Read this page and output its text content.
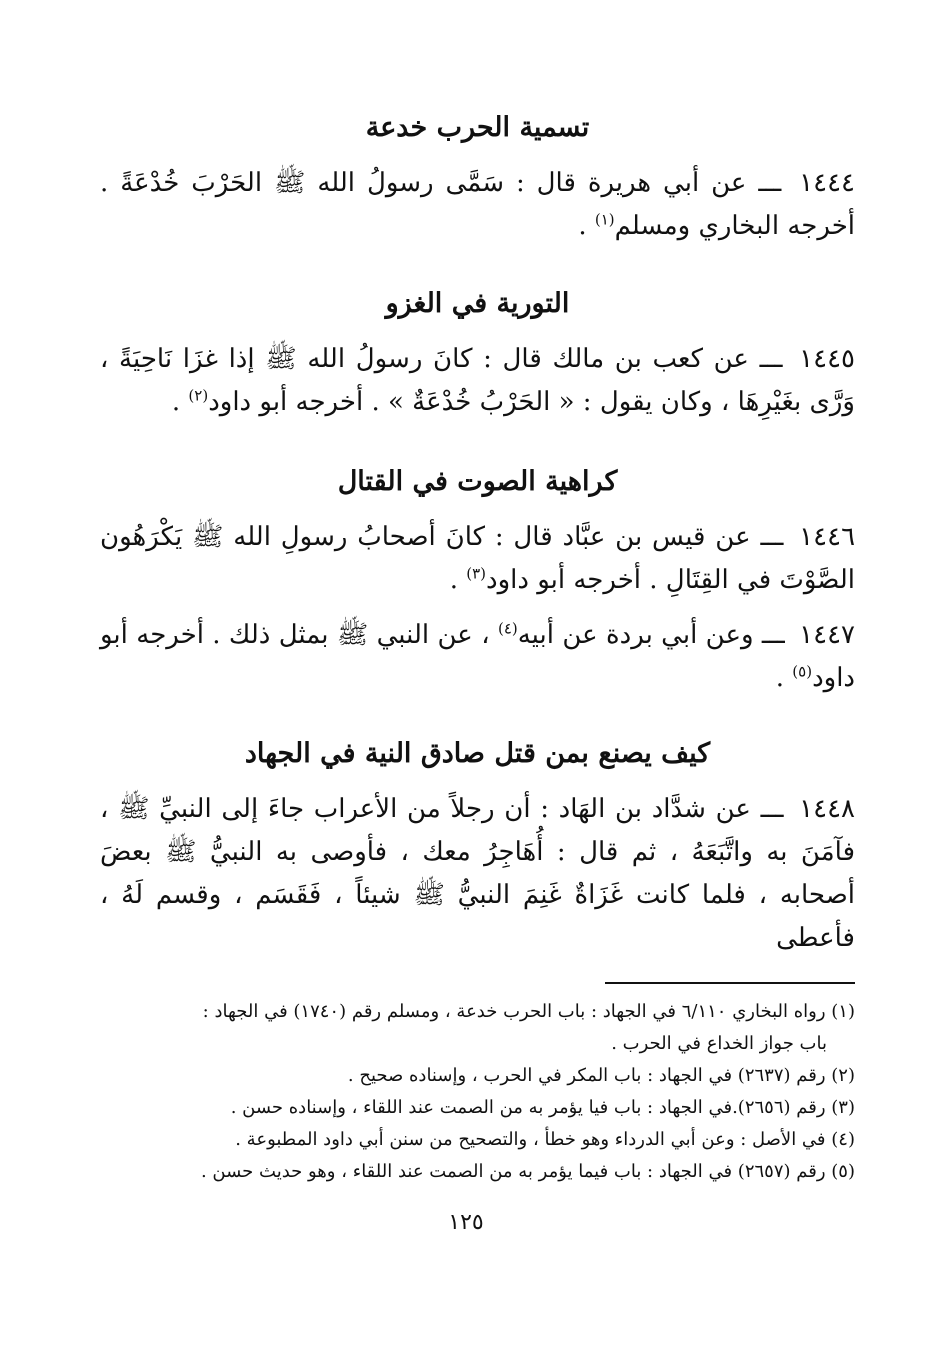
تسمية الحرب خدعة

١٤٤٤ ـــ عن أبي هريرة قال : سَمَّى رسولُ الله ﷺ الحَرْبَ خُدْعَةً . أخرجه البخاري ومسلم$^{(١)}$ .

التورية في الغزو

١٤٤٥ ـــ عن كعب بن مالك قال : كانَ رسولُ الله ﷺ إذا غزَا نَاحِيَةً ، وَرَّى بغَيْرِهَا ، وكان يقول : « الحَرْبُ خُدْعَةٌ » . أخرجه أبو داود$^{(٢)}$ .

كراهية الصوت في القتال

١٤٤٦ ـــ عن قيس بن عبَّاد قال : كانَ أصحابُ رسولِ الله ﷺ يَكْرَهُون الصَّوْتَ في القِتَالِ . أخرجه أبو داود$^{(٣)}$ .

١٤٤٧ ـــ وعن أبي بردة عن أبيه$^{(٤)}$ ، عن النبي ﷺ بمثل ذلك . أخرجه أبو داود$^{(٥)}$ .

كيف يصنع بمن قتل صادق النية في الجهاد

١٤٤٨ ـــ عن شدَّاد بن الهَاد : أن رجلاً من الأعراب جاءَ إلى النبيِّ ﷺ ، فآمَنَ به واتَّبَعَهُ ، ثم قال : أُهَاجِرُ معك ، فأوصى به النبيُّ ﷺ بعضَ أصحابه ، فلما كانت غَزَاةٌ غَنِمَ النبيُّ ﷺ شيئاً ، فَقَسَم ، وقسم لَهُ ، فأعطى

(١) رواه البخاري ٦/١١٠ في الجهاد : باب الحرب خدعة ، ومسلم رقم (١٧٤٠) في الجهاد :

باب جواز الخداع في الحرب .

(٢) رقم (٢٦٣٧) في الجهاد : باب المكر في الحرب ، وإسناده صحيح .

(٣) رقم (٢٦٥٦).في الجهاد : باب فيا يؤمر به من الصمت عند اللقاء ، وإسناده حسن .

(٤) في الأصل : وعن أبي الدرداء وهو خطأ ، والتصحيح من سنن أبي داود المطبوعة .

(٥) رقم (٢٦٥٧) في الجهاد : باب فيما يؤمر به من الصمت عند اللقاء ، وهو حديث حسن .

١٢٥
